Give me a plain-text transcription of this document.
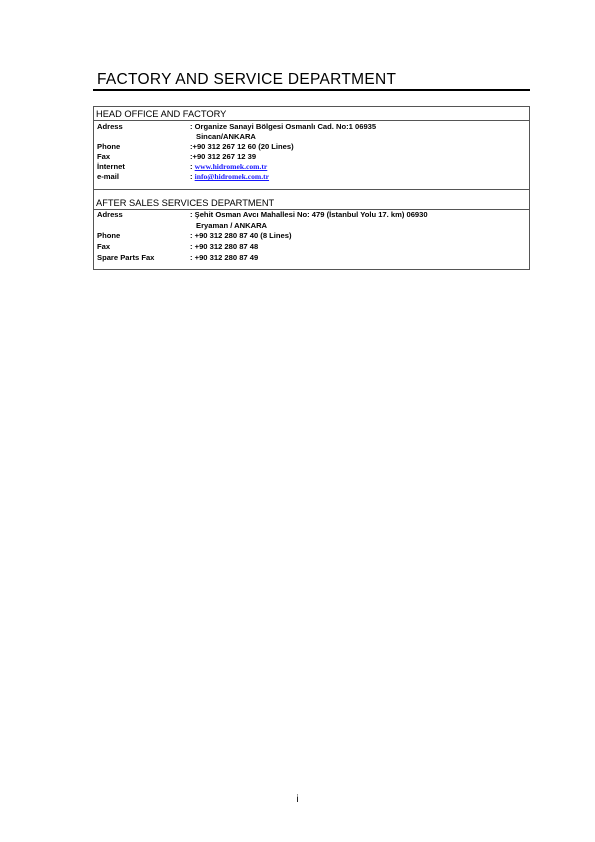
FACTORY AND SERVICE DEPARTMENT
HEAD OFFICE AND FACTORY
Adress	: Organize Sanayi Bölgesi Osmanlı Cad. No:1 06935
Sincan/ANKARA
Phone	:+90 312 267 12 60 (20 Lines)
Fax	:+90 312 267 12 39
İnternet	: www.hidromek.com.tr
e-mail	: info@hidromek.com.tr
AFTER SALES SERVICES DEPARTMENT
Adress	: Şehit Osman Avcı Mahallesi No: 479 (İstanbul Yolu 17. km) 06930
Eryaman / ANKARA
Phone	: +90 312 280 87 40 (8 Lines)
Fax	: +90 312 280 87 48
Spare Parts Fax	: +90 312 280 87 49
i
